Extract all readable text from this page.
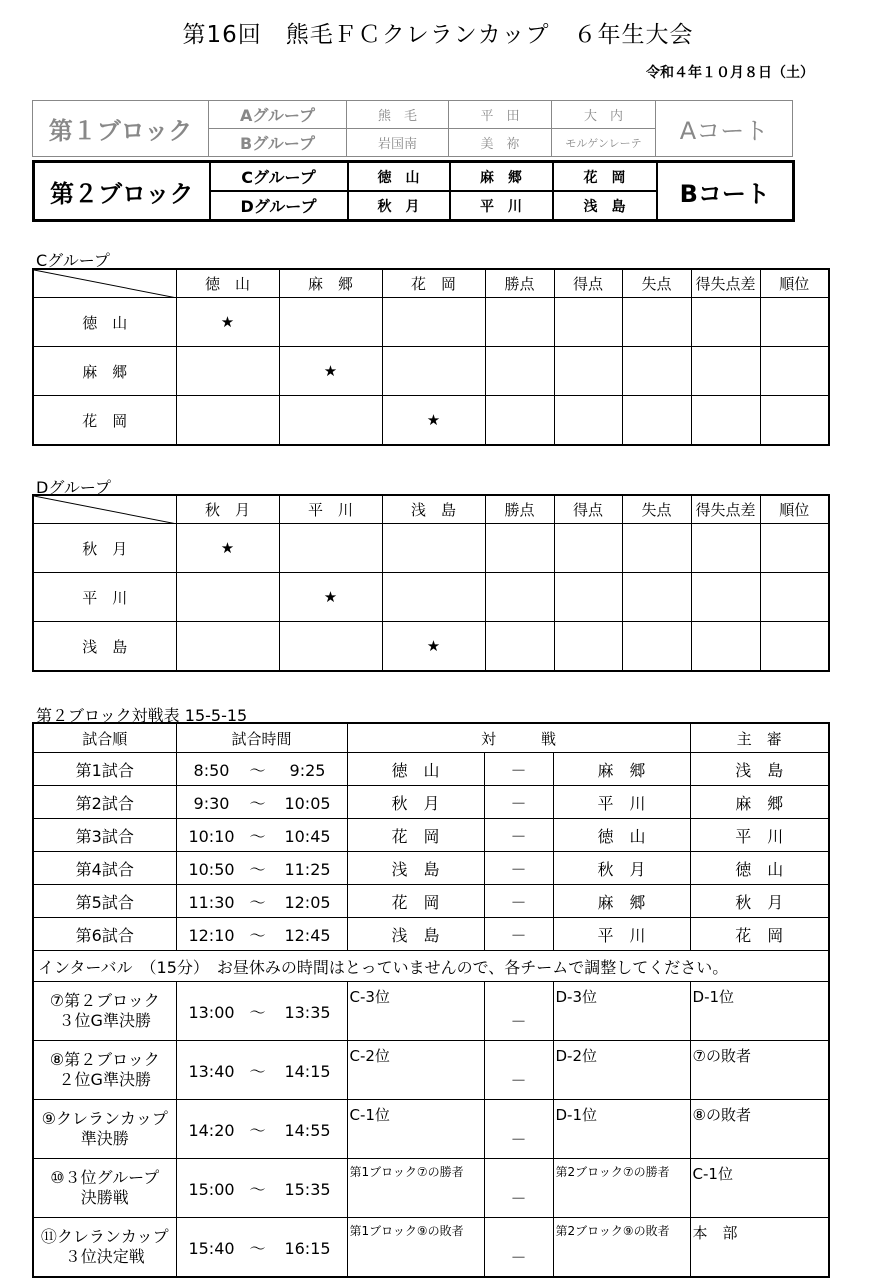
第16回　熊毛ＦＣクレランカップ　６年生大会
令和４年１０月８日（土）
第１ブロック	Aグループ	熊　毛	平　田	大　内	Aコート
	Bグループ	岩国南	美　祢	モルゲンレーテ	
第２ブロック	Cグループ	徳　山	麻　郷	花　岡	Bコート
	Dグループ	秋　月	平　川	浅　島	
Cグループ
	徳　山	麻　郷	花　岡	勝点	得点	失点	得失点差	順位
徳　山	★							
麻　郷		★						
花　岡			★					
Dグループ
	秋　月	平　川	浅　島	勝点	得点	失点	得失点差	順位
秋　月	★							
平　川		★						
浅　島			★					
第２ブロック対戦表 15-5-15
試合順	試合時間	対　　　戦			主　審
第1試合	8:50 ～ 9:25	徳　山	－	麻　郷	浅　島
第2試合	9:30 ～ 10:05	秋　月	－	平　川	麻　郷
第3試合	10:10 ～ 10:45	花　岡	－	徳　山	平　川
第4試合	10:50 ～ 11:25	浅　島	－	秋　月	徳　山
第5試合	11:30 ～ 12:05	花　岡	－	麻　郷	秋　月
第6試合	12:10 ～ 12:45	浅　島	－	平　川	花　岡
インターバル　（15分）　お昼休みの時間はとっていませんので、各チームで調整してください。					

⑦第２ブロック
３位G準決勝	13:00 ～ 13:35	C-3位	－	D-3位	D-1位

⑧第２ブロック
２位G準決勝	13:40 ～ 14:15	C-2位	－	D-2位	⑦の敗者

⑨クレランカップ
準決勝	14:20 ～ 14:55	C-1位	－	D-1位	⑧の敗者

⑩３位グループ
決勝戦	15:00 ～ 15:35	第1ブロック⑦の勝者	－	第2ブロック⑦の勝者	C-1位

⑪クレランカップ
３位決定戦	15:40 ～ 16:15	第1ブロック⑨の敗者	－	第2ブロック⑨の敗者	本　部
